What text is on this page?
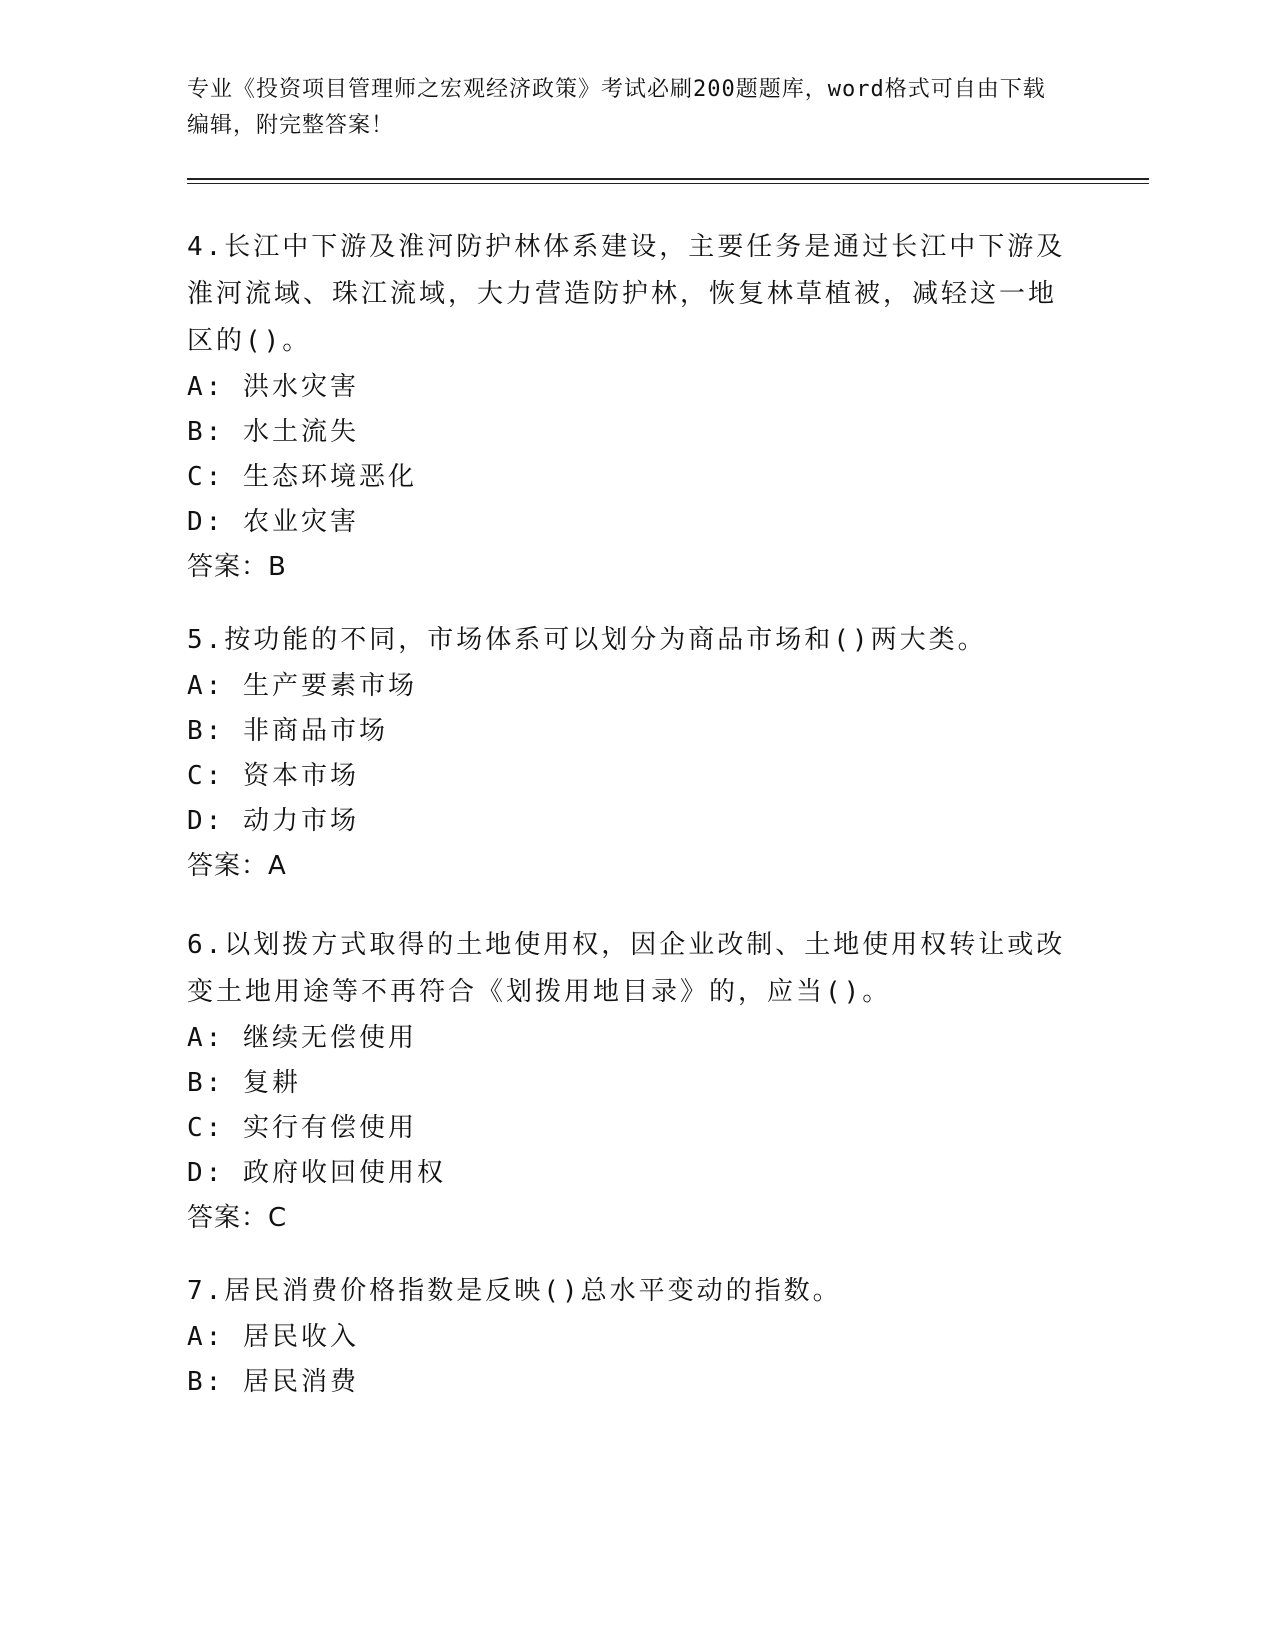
专业《投资项目管理师之宏观经济政策》考试必刷200题题库，word格式可自由下载编辑，附完整答案！
4.长江中下游及淮河防护林体系建设，主要任务是通过长江中下游及淮河流域、珠江流域，大力营造防护林，恢复林草植被，减轻这一地区的()。
A: 洪水灾害
B: 水土流失
C: 生态环境恶化
D: 农业灾害
答案：B
5.按功能的不同，市场体系可以划分为商品市场和()两大类。
A: 生产要素市场
B: 非商品市场
C: 资本市场
D: 动力市场
答案：A
6.以划拨方式取得的土地使用权，因企业改制、土地使用权转让或改变土地用途等不再符合《划拨用地目录》的，应当()。
A: 继续无偿使用
B: 复耕
C: 实行有偿使用
D: 政府收回使用权
答案：C
7.居民消费价格指数是反映()总水平变动的指数。
A: 居民收入
B: 居民消费
